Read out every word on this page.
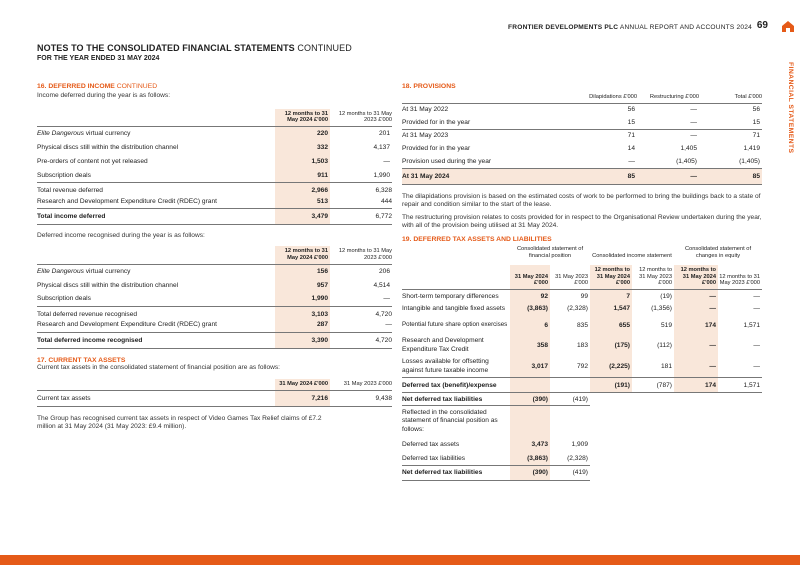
FRONTIER DEVELOPMENTS PLC ANNUAL REPORT AND ACCOUNTS 2024 69
FINANCIAL STATEMENTS
NOTES TO THE CONSOLIDATED FINANCIAL STATEMENTS CONTINUED
FOR THE YEAR ENDED 31 MAY 2024
16. DEFERRED INCOME CONTINUED
Income deferred during the year is as follows:
	12 months to 31 May 2024 £'000	12 months to 31 May 2023 £'000
Elite Dangerous virtual currency	220	201
Physical discs still within the distribution channel	332	4,137
Pre-orders of content not yet released	1,503	—
Subscription deals	911	1,990
Total revenue deferred	2,966	6,328
Research and Development Expenditure Credit (RDEC) grant	513	444
Total income deferred	3,479	6,772
Deferred income recognised during the year is as follows:
	12 months to 31 May 2024 £'000	12 months to 31 May 2023 £'000
Elite Dangerous virtual currency	156	206
Physical discs still within the distribution channel	957	4,514
Subscription deals	1,990	—
Total deferred revenue recognised	3,103	4,720
Research and Development Expenditure Credit (RDEC) grant	287	—
Total deferred income recognised	3,390	4,720
17. CURRENT TAX ASSETS
Current tax assets in the consolidated statement of financial position are as follows:
	31 May 2024 £'000	31 May 2023 £'000
Current tax assets	7,216	9,438
The Group has recognised current tax assets in respect of Video Games Tax Relief claims of £7.2 million at 31 May 2024 (31 May 2023: £9.4 million).
18. PROVISIONS
	Dilapidations £'000	Restructuring £'000	Total £'000
At 31 May 2022	56	—	56
Provided for in the year	15	—	15
At 31 May 2023	71	—	71
Provided for in the year	14	1,405	1,419
Provision used during the year	—	(1,405)	(1,405)
At 31 May 2024	85	—	85
The dilapidations provision is based on the estimated costs of work to be performed to bring the buildings back to a state of repair and condition similar to the start of the lease.
The restructuring provision relates to costs provided for in respect to the Organisational Review undertaken during the year, with all of the provision being utilised at 31 May 2024.
19. DEFERRED TAX ASSETS AND LIABILITIES
	Consolidated statement of financial position		Consolidated income statement		Consolidated statement of changes in equity	
	31 May 2024 £'000	31 May 2023 £'000	12 months to 31 May 2024 £'000	12 months to 31 May 2023 £'000	12 months to 31 May 2024 £'000	12 months to 31 May 2023 £'000
Short-term temporary differences	92	99	7	(19)	—	—
Intangible and tangible fixed assets	(3,863)	(2,328)	1,547	(1,356)	—	—
Potential future share option exercises	6	835	655	519	174	1,571
Research and Development Expenditure Tax Credit	358	183	(175)	(112)	—	—
Losses available for offsetting against future taxable income	3,017	792	(2,225)	181	—	—
Deferred tax (benefit)/expense			(191)	(787)	174	1,571
Net deferred tax liabilities	(390)	(419)				
Reflected in the consolidated statement of financial position as follows:						
Deferred tax assets	3,473	1,909				
Deferred tax liabilities	(3,863)	(2,328)				
Net deferred tax liabilities	(390)	(419)				
